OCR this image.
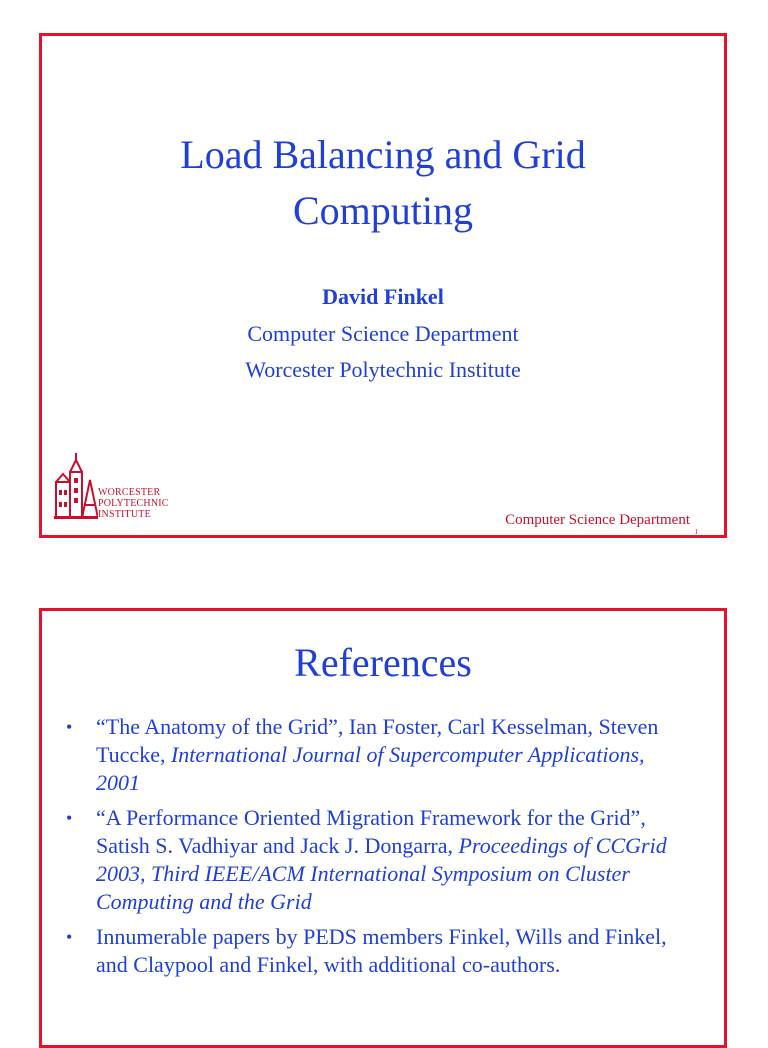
Load Balancing and Grid
Computing
David Finkel
Computer Science Department
Worcester Polytechnic Institute
WORCESTER
POLYTECHNIC
INSTITUTE	Computer Science Department
1
References
• “The Anatomy of the Grid”, Ian Foster, Carl Kesselman, Steven Tuccke, International Journal of Supercomputer Applications, 2001
• “A Performance Oriented Migration Framework for the Grid”, Satish S. Vadhiyar and Jack J. Dongarra, Proceedings of CCGrid 2003, Third IEEE/ACM International Symposium on Cluster Computing and the Grid
• Innumerable papers by PEDS members Finkel, Wills and Finkel, and Claypool and Finkel, with additional co-authors.
